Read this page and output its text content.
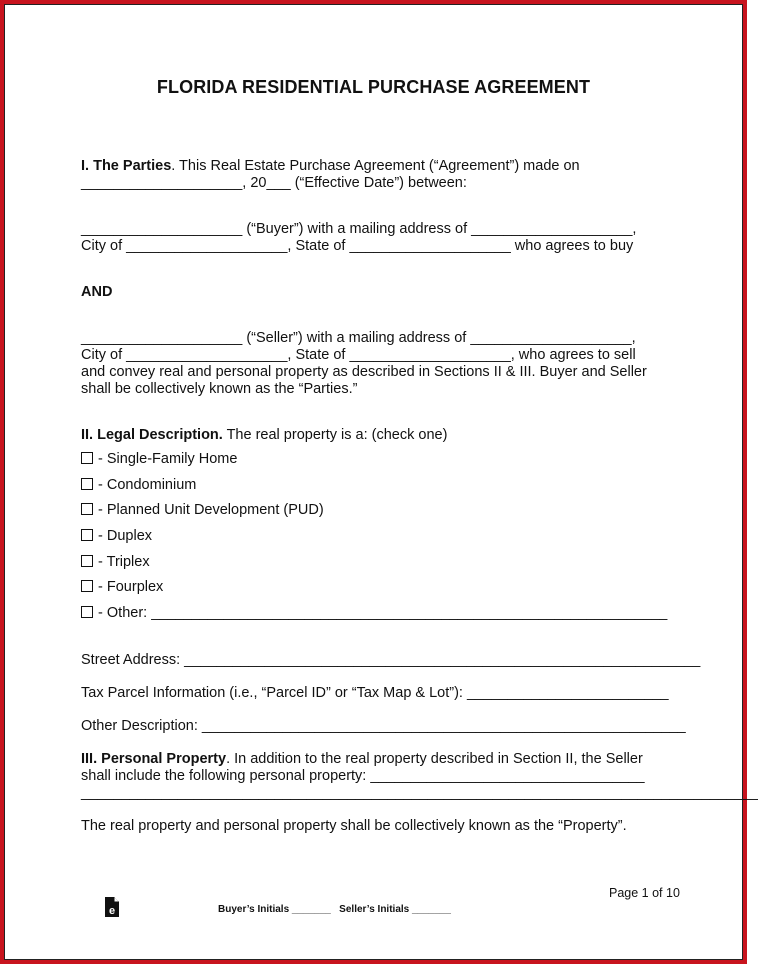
FLORIDA RESIDENTIAL PURCHASE AGREEMENT
I. The Parties. This Real Estate Purchase Agreement (“Agreement”) made on
____________________, 20___ (“Effective Date”) between:
____________________ (“Buyer”) with a mailing address of ____________________,
City of ____________________, State of ____________________ who agrees to buy
AND
____________________ (“Seller”) with a mailing address of ____________________,
City of ____________________, State of ____________________, who agrees to sell
and convey real and personal property as described in Sections II & III. Buyer and Seller
shall be collectively known as the “Parties.”
II. Legal Description. The real property is a: (check one)
- Single-Family Home
- Condominium
- Planned Unit Development (PUD)
- Duplex
- Triplex
- Fourplex
- Other: ________________________________________________________________
Street Address: ________________________________________________________________
Tax Parcel Information (i.e., “Parcel ID” or “Tax Map & Lot”): _________________________
Other Description: ____________________________________________________________
III. Personal Property. In addition to the real property described in Section II, the Seller
shall include the following personal property: __________________________________
____________________________________________________________________________________
The real property and personal property shall be collectively known as the “Property”.

e

Page 1 of 10
Buyer’s Initials _______   Seller’s Initials _______
